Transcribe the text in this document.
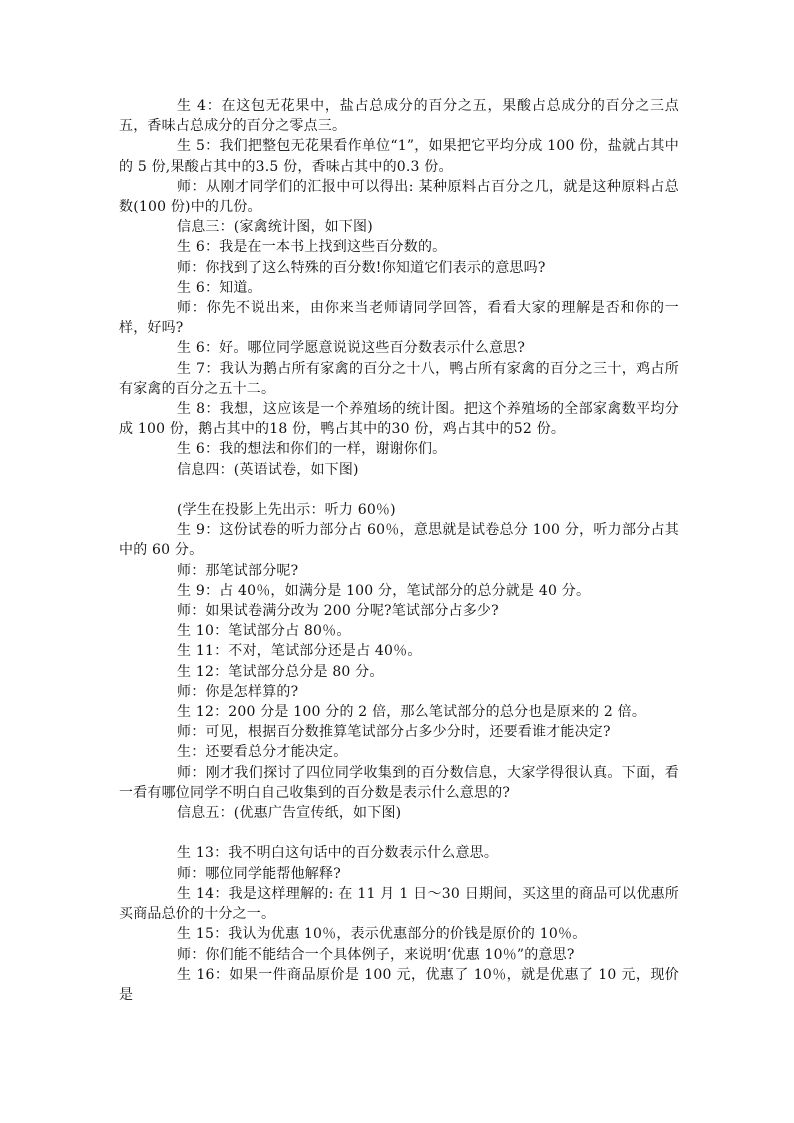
生 4：在这包无花果中，盐占总成分的百分之五，果酸占总成分的百分之三点五，香味占总成分的百分之零点三。

生 5：我们把整包无花果看作单位“1”，如果把它平均分成 100 份，盐就占其中的 5 份,果酸占其中的3.5 份，香味占其中的0.3 份。

师：从刚才同学们的汇报中可以得出: 某种原料占百分之几，就是这种原料占总数(100 份)中的几份。

信息三：(家禽统计图，如下图)

生 6：我是在一本书上找到这些百分数的。

师：你找到了这么特殊的百分数!你知道它们表示的意思吗?

生 6：知道。

师：你先不说出来，由你来当老师请同学回答，看看大家的理解是否和你的一样，好吗?

生 6：好。哪位同学愿意说说这些百分数表示什么意思?

生 7：我认为鹅占所有家禽的百分之十八，鸭占所有家禽的百分之三十，鸡占所有家禽的百分之五十二。

生 8：我想，这应该是一个养殖场的统计图。把这个养殖场的全部家禽数平均分成 100 份，鹅占其中的18 份，鸭占其中的30 份，鸡占其中的52 份。

生 6：我的想法和你们的一样，谢谢你们。

信息四：(英语试卷，如下图)

(学生在投影上先出示：听力 60％)

生 9：这份试卷的听力部分占 60％，意思就是试卷总分 100 分，听力部分占其中的 60 分。

师：那笔试部分呢?

生 9：占 40％，如满分是 100 分，笔试部分的总分就是 40 分。

师：如果试卷满分改为 200 分呢?笔试部分占多少?

生 10：笔试部分占 80％。

生 11：不对，笔试部分还是占 40％。

生 12：笔试部分总分是 80 分。

师：你是怎样算的?

生 12：200 分是 100 分的 2 倍，那么笔试部分的总分也是原来的 2 倍。

师：可见，根据百分数推算笔试部分占多少分时，还要看谁才能决定?

生：还要看总分才能决定。

师：刚才我们探讨了四位同学收集到的百分数信息，大家学得很认真。下面，看一看有哪位同学不明白自己收集到的百分数是表示什么意思的?

信息五：(优惠广告宣传纸，如下图)

生 13：我不明白这句话中的百分数表示什么意思。

师：哪位同学能帮他解释?

生 14：我是这样理解的: 在 11 月 1 日～30 日期间，买这里的商品可以优惠所买商品总价的十分之一。

生 15：我认为优惠 10％，表示优惠部分的价钱是原价的 10％。

师：你们能不能结合一个具体例子，来说明‘优惠 10％”的意思?

生 16：如果一件商品原价是 100 元，优惠了 10％，就是优惠了 10 元，现价是
